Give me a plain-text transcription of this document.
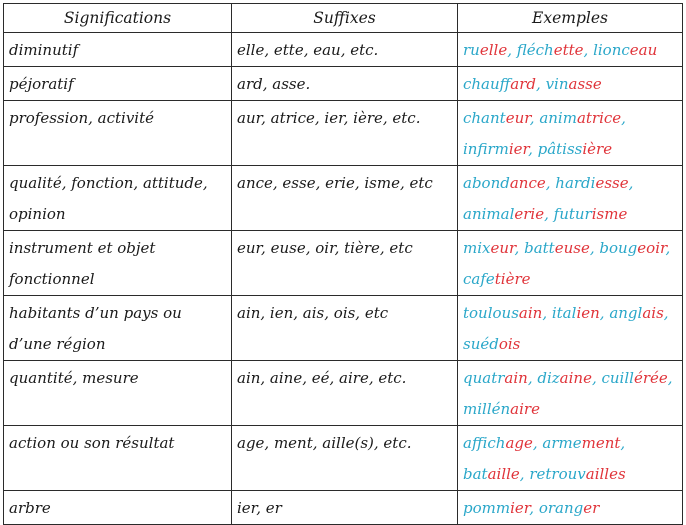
Significations	Suffixes	Exemples
diminutif	elle, ette, eau, etc.	ruelle, fléchette, lionceau
péjoratif	ard, asse.	chauffard, vinasse
profession, activité	aur, atrice, ier, ière, etc.	chanteur, animatrice, infirmier, pâtissière
qualité, fonction, attitude, opinion	ance, esse, erie, isme, etc	abondance, hardiesse, animalerie, futurisme
instrument et objet fonctionnel	eur, euse, oir, tière, etc	mixeur, batteuse, bougeoir, cafetière
habitants d’un pays ou d’une région	ain, ien, ais, ois, etc	toulousain, italien, anglais, suédois
quantité, mesure	ain, aine, eé, aire, etc.	quatrain, dizaine, cuillérée, millénaire
action ou son résultat	age, ment, aille(s), etc.	affichage, armement, bataille, retrouvailles
arbre	ier, er	pommier, oranger
